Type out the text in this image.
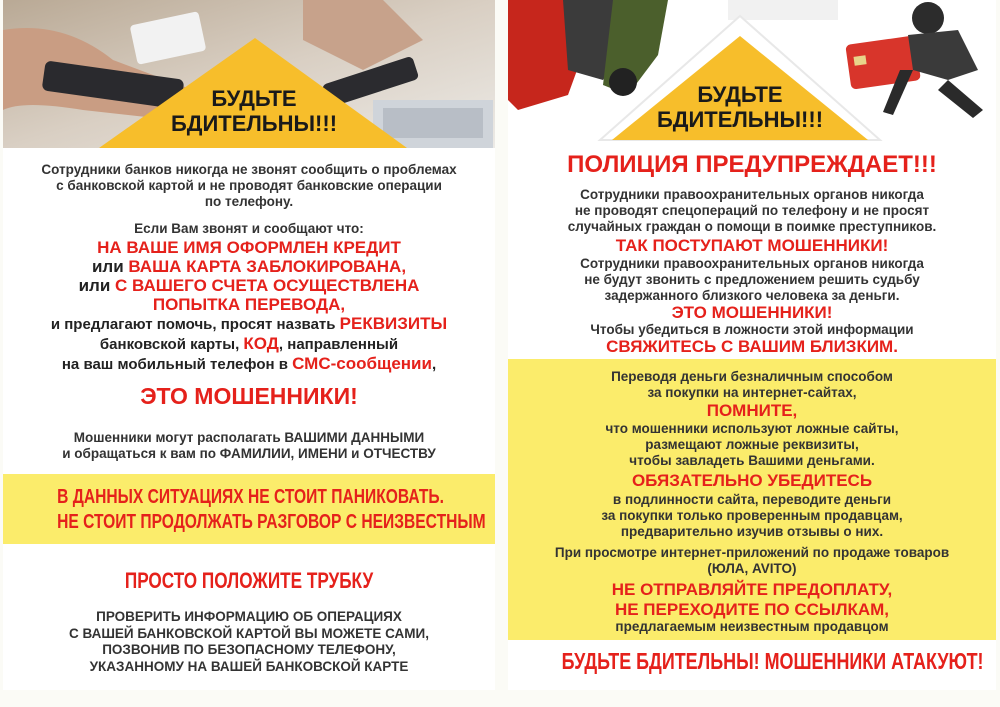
БУДЬТЕ
БДИТЕЛЬНЫ!!!
Сотрудники банков никогда не звонят сообщить о проблемах
с банковской картой и не проводят банковские операции
по телефону.
Если Вам звонят и сообщают что:
НА ВАШЕ ИМЯ ОФОРМЛЕН КРЕДИТ
или ВАША КАРТА ЗАБЛОКИРОВАНА,
или С ВАШЕГО СЧЕТА ОСУЩЕСТВЛЕНА
ПОПЫТКА ПЕРЕВОДА,
и предлагают помочь, просят назвать РЕКВИЗИТЫ
банковской карты, КОД, направленный
на ваш мобильный телефон в СМС-сообщении,
ЭТО МОШЕННИКИ!
Мошенники могут располагать ВАШИМИ ДАННЫМИ
и обращаться к вам по ФАМИЛИИ, ИМЕНИ и ОТЧЕСТВУ
В ДАННЫХ СИТУАЦИЯХ НЕ СТОИТ ПАНИКОВАТЬ.
НЕ СТОИТ ПРОДОЛЖАТЬ РАЗГОВОР С НЕИЗВЕСТНЫМ
ПРОСТО ПОЛОЖИТЕ ТРУБКУ
ПРОВЕРИТЬ ИНФОРМАЦИЮ ОБ ОПЕРАЦИЯХ
С ВАШЕЙ БАНКОВСКОЙ КАРТОЙ ВЫ МОЖЕТЕ САМИ,
ПОЗВОНИВ ПО БЕЗОПАСНОМУ ТЕЛЕФОНУ,
УКАЗАННОМУ НА ВАШЕЙ БАНКОВСКОЙ КАРТЕ
БУДЬТЕ
БДИТЕЛЬНЫ!!!
ПОЛИЦИЯ ПРЕДУПРЕЖДАЕТ!!!
Сотрудники правоохранительных органов никогда
не проводят спецопераций по телефону и не просят
случайных граждан о помощи в поимке преступников.
ТАК ПОСТУПАЮТ МОШЕННИКИ!
Сотрудники правоохранительных органов никогда
не будут звонить с предложением решить судьбу
задержанного близкого человека за деньги.
ЭТО МОШЕННИКИ!
Чтобы убедиться в ложности этой информации
СВЯЖИТЕСЬ С ВАШИМ БЛИЗКИМ.
Переводя деньги безналичным способом
за покупки на интернет-сайтах,
ПОМНИТЕ,
что мошенники используют ложные сайты,
размещают ложные реквизиты,
чтобы завладеть Вашими деньгами.
ОБЯЗАТЕЛЬНО УБЕДИТЕСЬ
в подлинности сайта, переводите деньги
за покупки только проверенным продавцам,
предварительно изучив отзывы о них.
При просмотре интернет-приложений по продаже товаров
(ЮЛА, AVITO)
НЕ ОТПРАВЛЯЙТЕ ПРЕДОПЛАТУ,
НЕ ПЕРЕХОДИТЕ ПО ССЫЛКАМ,
предлагаемым неизвестным продавцом
БУДЬТЕ БДИТЕЛЬНЫ! МОШЕННИКИ АТАКУЮТ!
